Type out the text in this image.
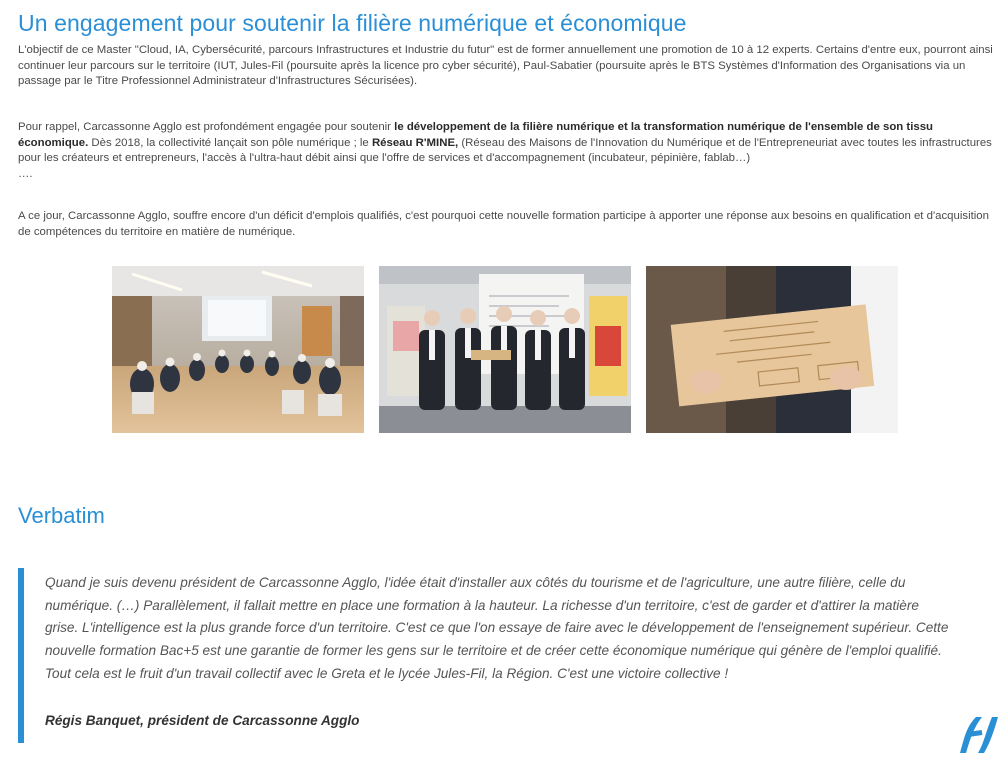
Un engagement pour soutenir la filière numérique et économique

L'objectif de ce Master "Cloud, IA, Cybersécurité, parcours Infrastructures et Industrie du futur" est de former annuellement une promotion de 10 à 12 experts. Certains d'entre eux, pourront ainsi continuer leur parcours sur le territoire (IUT, Jules-Fil (poursuite après la licence pro cyber sécurité), Paul-Sabatier (poursuite après le BTS Systèmes d'Information des Organisations via un passage par le Titre Professionnel Administrateur d'Infrastructures Sécurisées).

Pour rappel, Carcassonne Agglo est profondément engagée pour soutenir le développement de la filière numérique et la transformation numérique de l'ensemble de son tissu économique. Dès 2018, la collectivité lançait son pôle numérique ; le Réseau R'MINE, (Réseau des Maisons de l'Innovation du Numérique et de l'Entrepreneuriat avec toutes les infrastructures pour les créateurs et entrepreneurs, l'accès à l'ultra-haut débit ainsi que l'offre de services et d'accompagnement (incubateur, pépinière, fablab…)
….

A ce jour, Carcassonne Agglo, souffre encore d'un déficit d'emplois qualifiés, c'est pourquoi cette nouvelle formation participe à apporter une réponse aux besoins en qualification et d'acquisition de compétences du territoire en matière de numérique.

Verbatim

Quand je suis devenu président de Carcassonne Agglo, l'idée était d'installer aux côtés du tourisme et de l'agriculture, une autre filière, celle du numérique. (…) Parallèlement, il fallait mettre en place une formation à la hauteur. La richesse d'un territoire, c'est de garder et d'attirer la matière grise. L'intelligence est la plus grande force d'un territoire. C'est ce que l'on essaye de faire avec le développement de l'enseignement supérieur. Cette nouvelle formation Bac+5 est une garantie de former les gens sur le territoire et de créer cette économique numérique qui génère de l'emploi qualifié. Tout cela est le fruit d'un travail collectif avec le Greta et le lycée Jules-Fil, la Région. C'est une victoire collective !

Régis Banquet, président de Carcassonne Agglo
